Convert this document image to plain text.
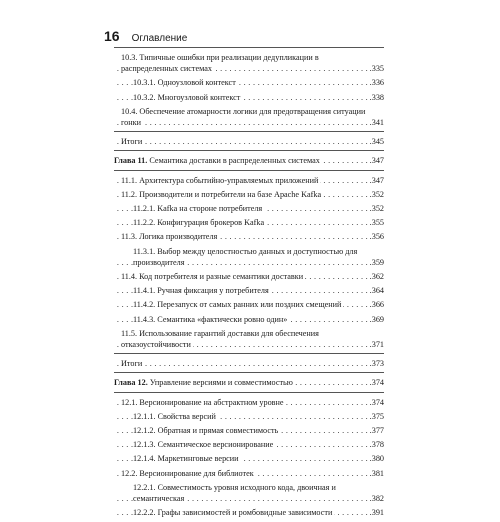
16 Оглавление
. . .
10.3. Типичные ошибки при реализации дедупликации в распределенных системах	.335
. . .
10.3.1. Одноузловой контекст	.336
. . .
10.3.2. Многоузловой контекст	.338
. . .
10.4. Обеспечение атомарности логики для предотвращения ситуации гонки	.341
. . .
Итоги	.345
. . .
Глава 11. Семантика доставки в распределенных системах	.347
. . .
11.1. Архитектура событийно-управляемых приложений	.347
. . .
11.2. Производители и потребители на базе Apache Kafka	.352
. . .
11.2.1. Kafka на стороне потребителя	.352
. . .
11.2.2. Конфигурация брокеров Kafka	.355
. . .
11.3. Логика производителя	.356
. . .
11.3.1. Выбор между целостностью данных и доступностью для производителя	.359
. . .
11.4. Код потребителя и разные семантики доставки	.362
. . .
11.4.1. Ручная фиксация у потребителя	.364
. . .
11.4.2. Перезапуск от самых ранних или поздних смещений	.366
. . .
11.4.3. Семантика «фактически ровно один»	.369
. . .
11.5. Использование гарантий доставки для обеспечения отказоустойчивости	.371
. . .
Итоги	.373
. . .
Глава 12. Управление версиями и совместимостью	.374
. . .
12.1. Версионирование на абстрактном уровне	.374
. . .
12.1.1. Свойства версий	.375
. . .
12.1.2. Обратная и прямая совместимость	.377
. . .
12.1.3. Семантическое версионирование	.378
. . .
12.1.4. Маркетинговые версии	.380
. . .
12.2. Версионирование для библиотек	.381
. . .
12.2.1. Совместимость уровня исходного кода, двоичная и семантическая	.382
. . .
12.2.2. Графы зависимостей и ромбовидные зависимости	.391
